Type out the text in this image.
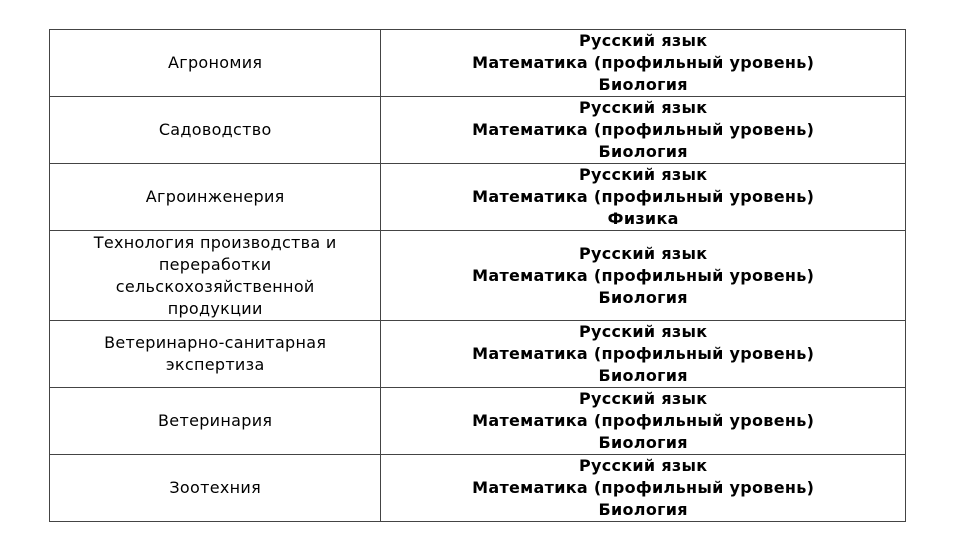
Агрономия	Русский язык
Математика (профильный уровень)
Биология

Садоводство	Русский язык
Математика (профильный уровень)
Биология

Агроинженерия	Русский язык
Математика (профильный уровень)
Физика

Технология производства и
переработки
сельскохозяйственной
продукции	Русский язык
Математика (профильный уровень)
Биология

Ветеринарно-санитарная
экспертиза	Русский язык
Математика (профильный уровень)
Биология

Ветеринария	Русский язык
Математика (профильный уровень)
Биология

Зоотехния	Русский язык
Математика (профильный уровень)
Биология
